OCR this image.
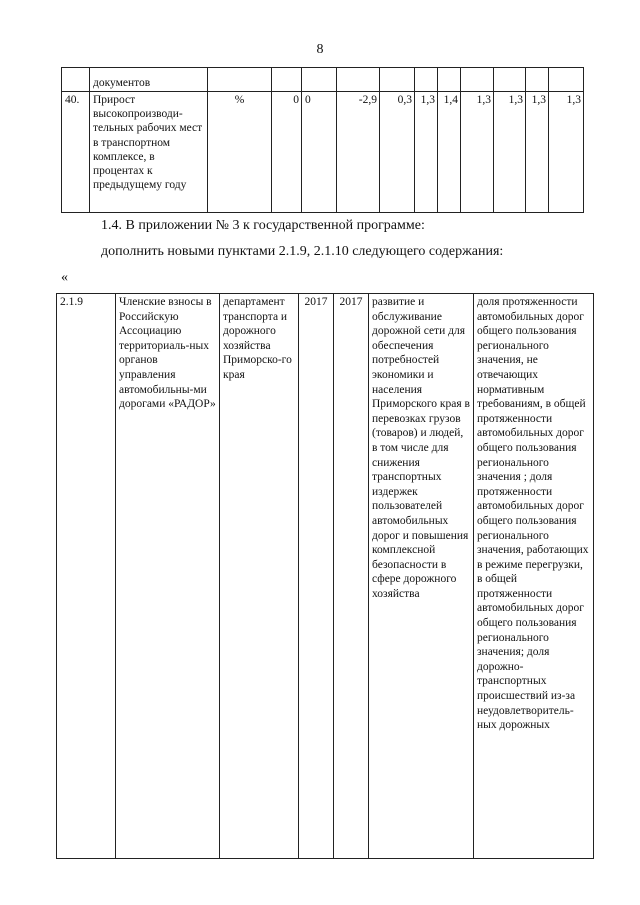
8
	документов											
40.	Прирост высокопроизводи-тельных рабочих мест в транспортном комплексе, в процентах к предыдущему году	%	0	0	-2,9	0,3	1,3	1,4	1,3	1,3	1,3	1,3
1.4. В приложении № 3 к государственной программе:
дополнить новыми пунктами 2.1.9, 2.1.10 следующего содержания:
«
2.1.9	Членские взносы в Российскую Ассоциацию территориаль-ных органов управления автомобильны-ми дорогами «РАДОР»	департамент транспорта и дорожного хозяйства Приморско-го края	2017	2017	развитие и обслуживание дорожной сети для обеспечения потребностей экономики и населения Приморского края в перевозках грузов (товаров) и людей, в том числе для снижения транспортных издержек пользователей автомобильных дорог и повышения комплексной безопасности в сфере дорожного хозяйства	доля протяженности автомобильных дорог общего пользования регионального значения, не отвечающих нормативным требованиям, в общей протяженности автомобильных дорог общего пользования регионального значения ; доля протяженности автомобильных дорог общего пользования регионального значения, работающих в режиме перегрузки, в общей протяженности автомобильных дорог общего пользования регионального значения; доля дорожно-транспортных происшествий из-за неудовлетворитель-ных дорожных
